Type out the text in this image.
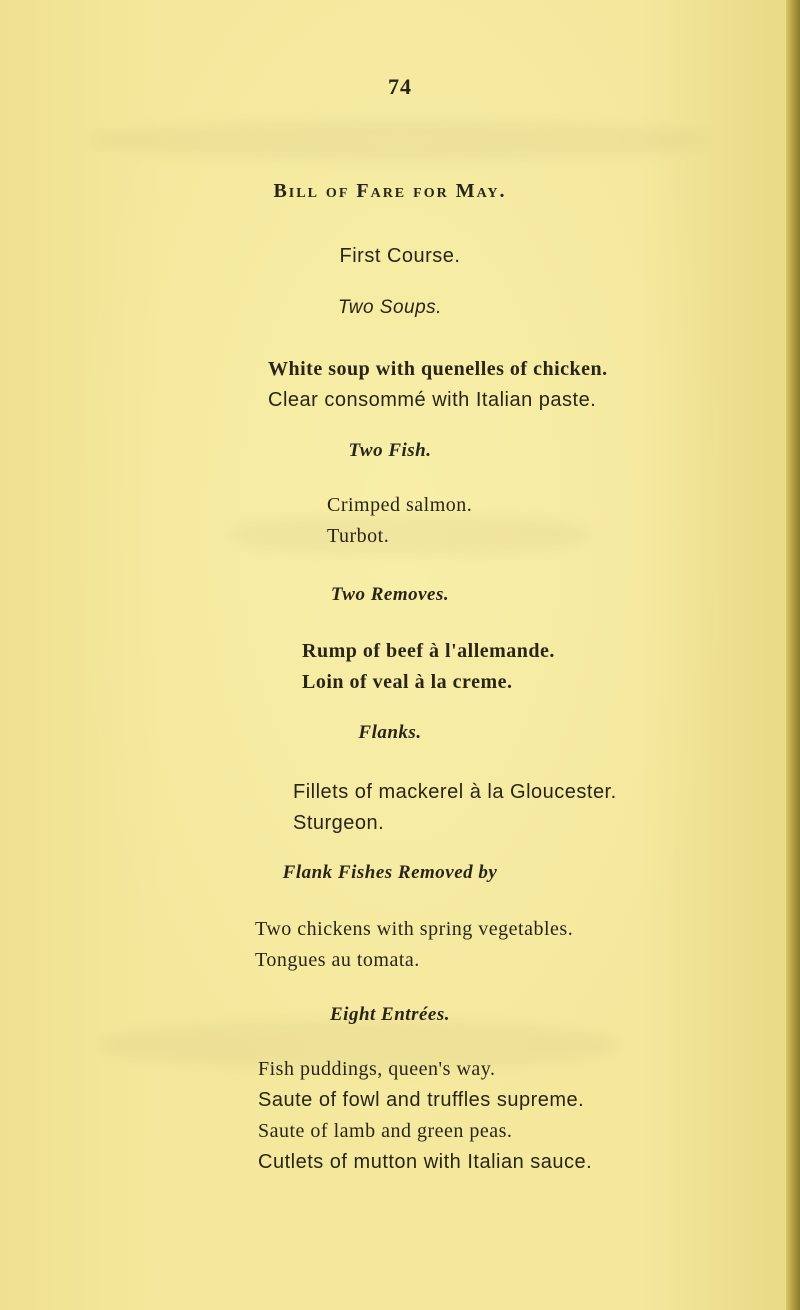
74
Bill of Fare for May.
First Course.
Two Soups.
White soup with quenelles of chicken.
Clear consommé with Italian paste.
Two Fish.
Crimped salmon.
Turbot.
Two Removes.
Rump of beef à l'allemande.
Loin of veal à la creme.
Flanks.
Fillets of mackerel à la Gloucester.
Sturgeon.
Flank Fishes Removed by
Two chickens with spring vegetables.
Tongues au tomata.
Eight Entrées.
Fish puddings, queen's way.
Saute of fowl and truffles supreme.
Saute of lamb and green peas.
Cutlets of mutton with Italian sauce.
